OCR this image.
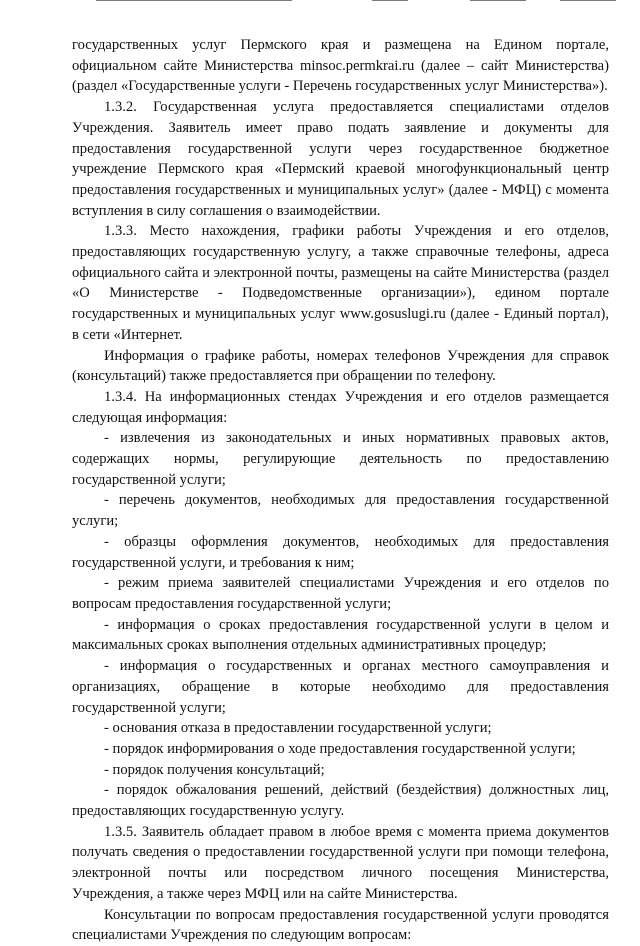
государственных услуг Пермского края и размещена на Едином портале, официальном сайте Министерства minsoc.permkrai.ru (далее – сайт Министерства) (раздел «Государственные услуги - Перечень государственных услуг Министерства»).

1.3.2. Государственная услуга предоставляется специалистами отделов Учреждения. Заявитель имеет право подать заявление и документы для предоставления государственной услуги через государственное бюджетное учреждение Пермского края «Пермский краевой многофункциональный центр предоставления государственных и муниципальных услуг» (далее - МФЦ) с момента вступления в силу соглашения о взаимодействии.

1.3.3. Место нахождения, графики работы Учреждения и его отделов, предоставляющих государственную услугу, а также справочные телефоны, адреса официального сайта и электронной почты, размещены на сайте Министерства (раздел «О Министерстве - Подведомственные организации»), едином портале государственных и муниципальных услуг www.gosuslugi.ru (далее - Единый портал), в сети «Интернет.

Информация о графике работы, номерах телефонов Учреждения для справок (консультаций) также предоставляется при обращении по телефону.

1.3.4. На информационных стендах Учреждения и его отделов размещается следующая информация:

- извлечения из законодательных и иных нормативных правовых актов, содержащих нормы, регулирующие деятельность по предоставлению государственной услуги;

- перечень документов, необходимых для предоставления государственной услуги;

- образцы оформления документов, необходимых для предоставления государственной услуги, и требования к ним;

- режим приема заявителей специалистами Учреждения и его отделов по вопросам предоставления государственной услуги;

- информация о сроках предоставления государственной услуги в целом и максимальных сроках выполнения отдельных административных процедур;

- информация о государственных и органах местного самоуправления и организациях, обращение в которые необходимо для предоставления государственной услуги;

- основания отказа в предоставлении государственной услуги;

- порядок информирования о ходе предоставления государственной услуги;

- порядок получения консультаций;

- порядок обжалования решений, действий (бездействия) должностных лиц, предоставляющих государственную услугу.

1.3.5. Заявитель обладает правом в любое время с момента приема документов получать сведения о предоставлении государственной услуги при помощи телефона, электронной почты или посредством личного посещения Министерства, Учреждения, а также через МФЦ или на сайте Министерства.

Консультации по вопросам предоставления государственной услуги проводятся специалистами Учреждения по следующим вопросам:
